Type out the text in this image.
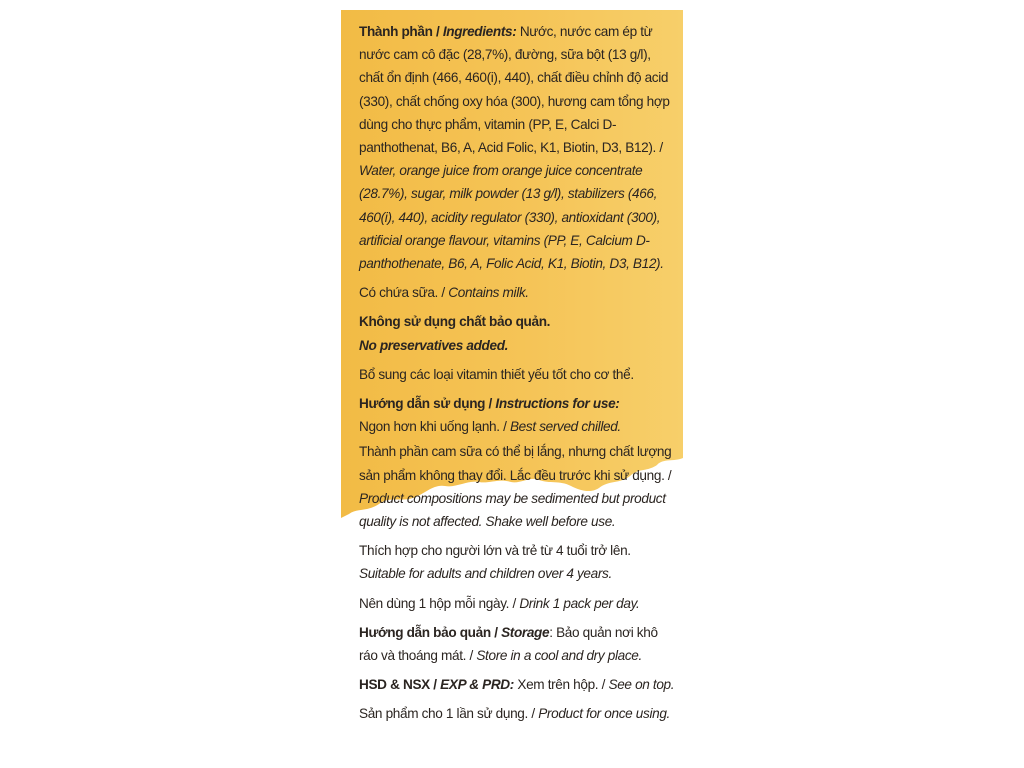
Thành phần / Ingredients: Nước, nước cam ép từ nước cam cô đặc (28,7%), đường, sữa bột (13 g/l), chất ổn định (466, 460(i), 440), chất điều chỉnh độ acid (330), chất chống oxy hóa (300), hương cam tổng hợp dùng cho thực phẩm, vitamin (PP, E, Calci D-panthothenat, B6, A, Acid Folic, K1, Biotin, D3, B12). / Water, orange juice from orange juice concentrate (28.7%), sugar, milk powder (13 g/l), stabilizers (466, 460(i), 440), acidity regulator (330), antioxidant (300), artificial orange flavour, vitamins (PP, E, Calcium D-panthothenate, B6, A, Folic Acid, K1, Biotin, D3, B12).

Có chứa sữa. / Contains milk.

Không sử dụng chất bảo quản.
No preservatives added.

Bổ sung các loại vitamin thiết yếu tốt cho cơ thể.

Hướng dẫn sử dụng / Instructions for use:
Ngon hơn khi uống lạnh. / Best served chilled.

Thành phần cam sữa có thể bị lắng, nhưng chất lượng sản phẩm không thay đổi. Lắc đều trước khi sử dụng. / Product compositions may be sedimented but product quality is not affected. Shake well before use.

Thích hợp cho người lớn và trẻ từ 4 tuổi trở lên.
Suitable for adults and children over 4 years.

Nên dùng 1 hộp mỗi ngày. / Drink 1 pack per day.

Hướng dẫn bảo quản / Storage: Bảo quản nơi khô ráo và thoáng mát. / Store in a cool and dry place.

HSD & NSX / EXP & PRD: Xem trên hộp. / See on top.

Sản phẩm cho 1 lần sử dụng. / Product for once using.
